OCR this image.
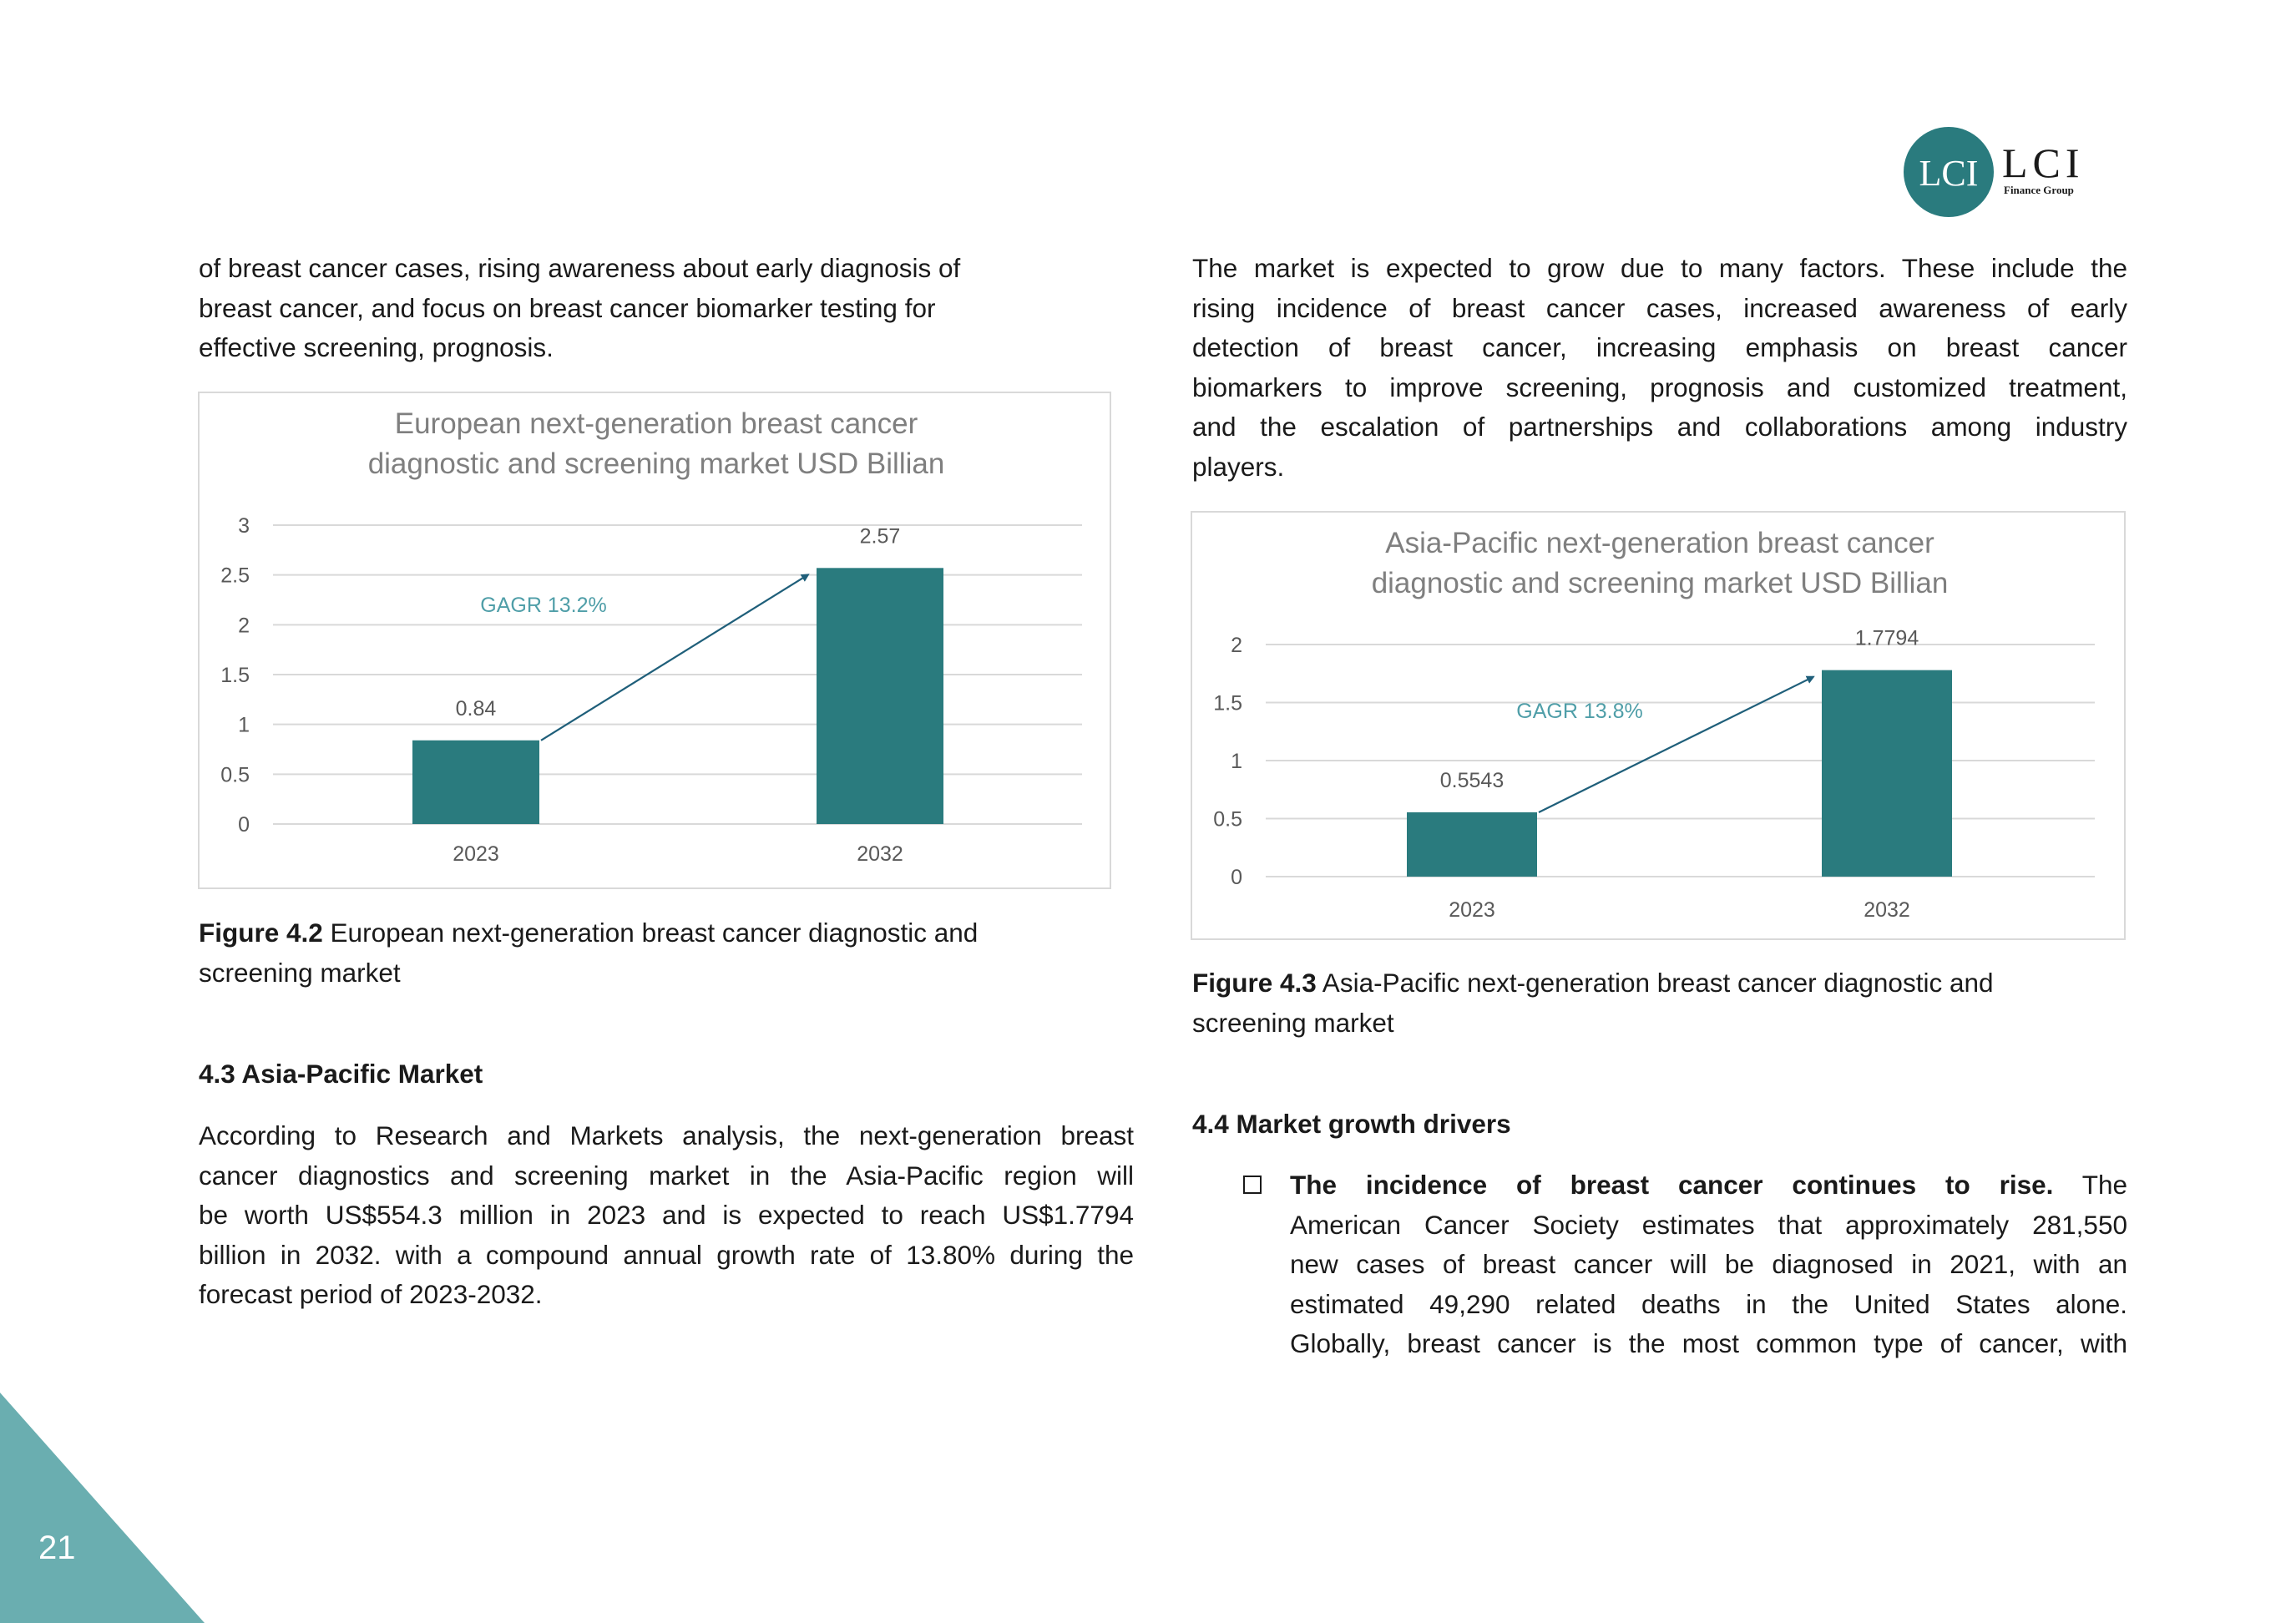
LCI LCI
Finance Group
of breast cancer cases, rising awareness about early diagnosis of
breast cancer, and focus on breast cancer biomarker testing for
effective screening, prognosis.
The market is expected to grow due to many factors. These include the
rising incidence of breast cancer cases, increased awareness of early
detection of breast cancer, increasing emphasis on breast cancer
biomarkers to improve screening, prognosis and customized treatment,
and the escalation of partnerships and collaborations among industry
players.
European next-generation breast cancer
diagnostic and screening market USD Billian
0
0.5
1
1.5
2
2.5
3
0.84
2023
2.57
2032
GAGR 13.2%
Figure 4.2 European next-generation breast cancer diagnostic and
screening market
4.3 Asia-Pacific Market
According to Research and Markets analysis, the next-generation breast
cancer diagnostics and screening market in the Asia-Pacific region will
be worth US$554.3 million in 2023 and is expected to reach US$1.7794
billion in 2032. with a compound annual growth rate of 13.80% during the
forecast period of 2023-2032.
Asia-Pacific next-generation breast cancer
diagnostic and screening market USD Billian
0
0.5
1
1.5
2
0.5543
2023
1.7794
2032
GAGR 13.8%
Figure 4.3 Asia-Pacific next-generation breast cancer diagnostic and
screening market
4.4 Market growth drivers
The incidence of breast cancer continues to rise. The
American Cancer Society estimates that approximately 281,550
new cases of breast cancer will be diagnosed in 2021, with an
estimated 49,290 related deaths in the United States alone.
Globally, breast cancer is the most common type of cancer, with
21
